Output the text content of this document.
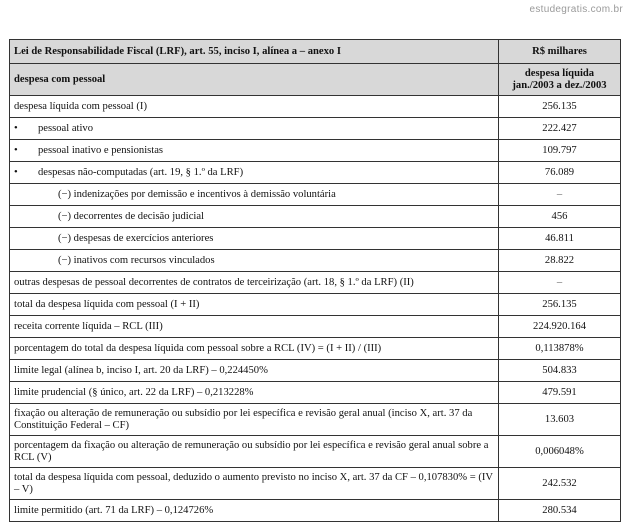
estudegratis.com.br
Lei de Responsabilidade Fiscal (LRF), art. 55, inciso I, alínea a – anexo I	R$ milhares
despesa com pessoal	despesa líquida
jan./2003 a dez./2003

despesa líquida com pessoal (I)	256.135
• pessoal ativo	222.427
• pessoal inativo e pensionistas	109.797
• despesas não-computadas (art. 19, § 1.º da LRF)	76.089
(−) indenizações por demissão e incentivos à demissão voluntária	–
(−) decorrentes de decisão judicial	456
(−) despesas de exercícios anteriores	46.811
(−) inativos com recursos vinculados	28.822
outras despesas de pessoal decorrentes de contratos de terceirização (art. 18, § 1.º da LRF) (II)	–
total da despesa líquida com pessoal (I + II)	256.135
receita corrente líquida – RCL (III)	224.920.164
porcentagem do total da despesa líquida com pessoal sobre a RCL (IV) = (I + II) / (III)	0,113878%
limite legal (alínea b, inciso I, art. 20 da LRF) – 0,224450%	504.833
limite prudencial (§ único, art. 22 da LRF) – 0,213228%	479.591
fixação ou alteração de remuneração ou subsídio por lei específica e revisão geral anual (inciso X, art. 37 da Constituição Federal – CF)	13.603
porcentagem da fixação ou alteração de remuneração ou subsídio por lei específica e revisão geral anual sobre a RCL (V)	0,006048%
total da despesa líquida com pessoal, deduzido o aumento previsto no inciso X, art. 37 da CF – 0,107830% = (IV – V)	242.532
limite permitido (art. 71 da LRF) – 0,124726%	280.534
